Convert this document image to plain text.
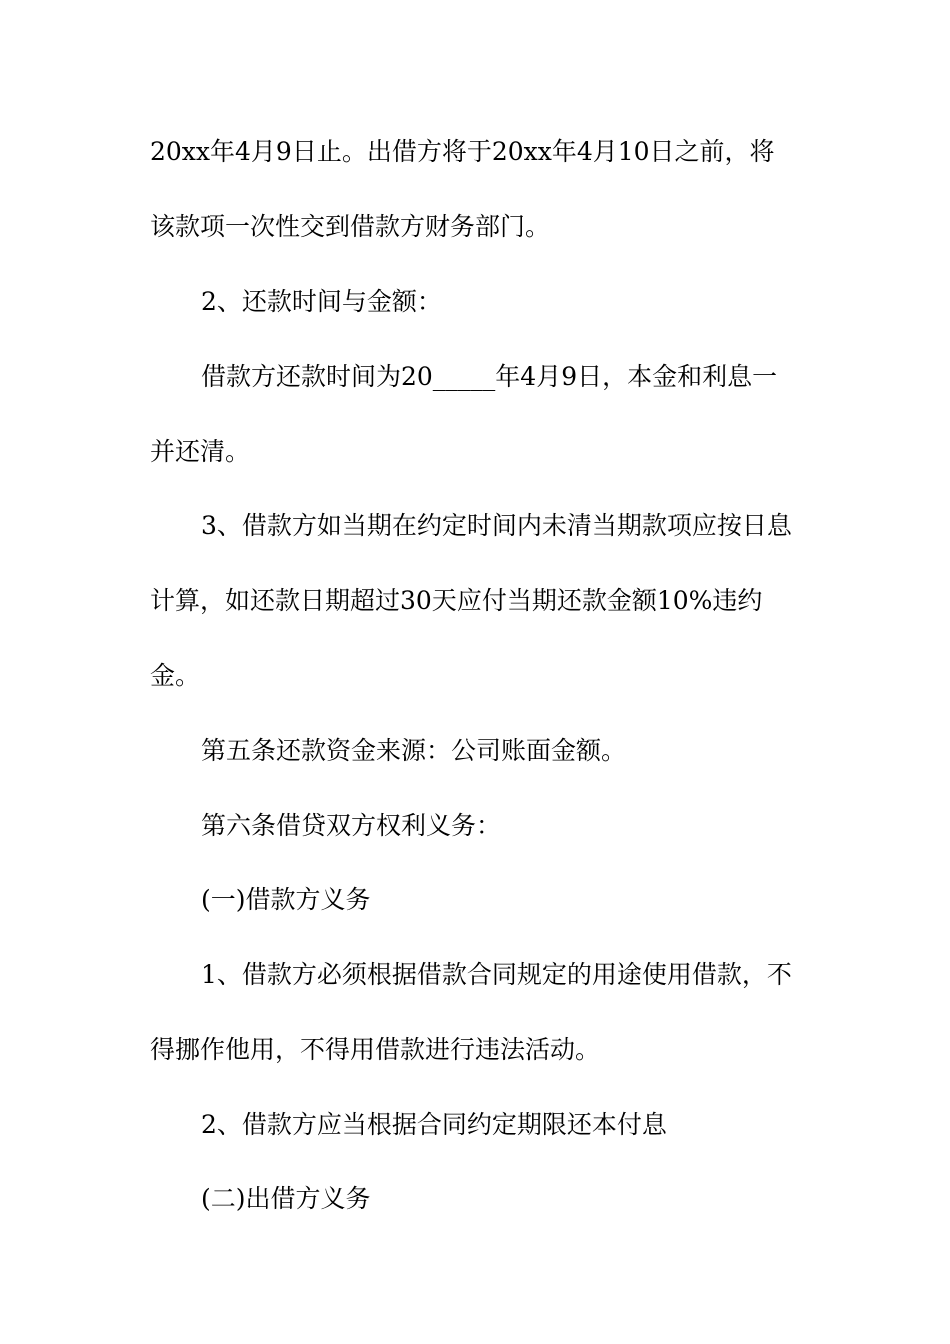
20xx年4月9日止。出借方将于20xx年4月10日之前，将
该款项一次性交到借款方财务部门。
2、还款时间与金额：
借款方还款时间为20_____年4月9日，本金和利息一
并还清。
3、借款方如当期在约定时间内未清当期款项应按日息
计算，如还款日期超过30天应付当期还款金额10%违约
金。
第五条还款资金来源：公司账面金额。
第六条借贷双方权利义务：
(一)借款方义务
1、借款方必须根据借款合同规定的用途使用借款，不
得挪作他用，不得用借款进行违法活动。
2、借款方应当根据合同约定期限还本付息
(二)出借方义务
